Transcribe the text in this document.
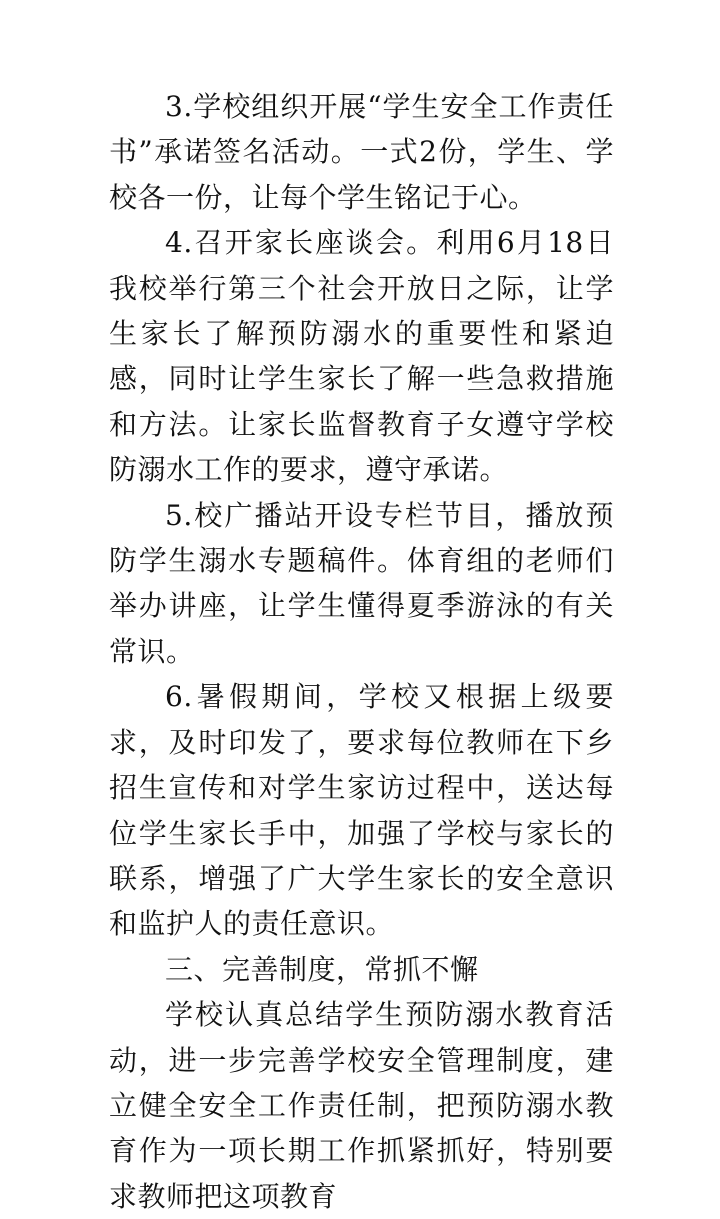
3.学校组织开展“学生安全工作责任书”承诺签名活动。一式2份，学生、学校各一份，让每个学生铭记于心。

4.召开家长座谈会。利用6月18日我校举行第三个社会开放日之际，让学生家长了解预防溺水的重要性和紧迫感，同时让学生家长了解一些急救措施和方法。让家长监督教育子女遵守学校防溺水工作的要求，遵守承诺。

5.校广播站开设专栏节目，播放预防学生溺水专题稿件。体育组的老师们举办讲座，让学生懂得夏季游泳的有关常识。

6.暑假期间，学校又根据上级要求，及时印发了，要求每位教师在下乡招生宣传和对学生家访过程中，送达每位学生家长手中，加强了学校与家长的联系，增强了广大学生家长的安全意识和监护人的责任意识。

三、完善制度，常抓不懈

学校认真总结学生预防溺水教育活动，进一步完善学校安全管理制度，建立健全安全工作责任制，把预防溺水教育作为一项长期工作抓紧抓好，特别要求教师把这项教育
